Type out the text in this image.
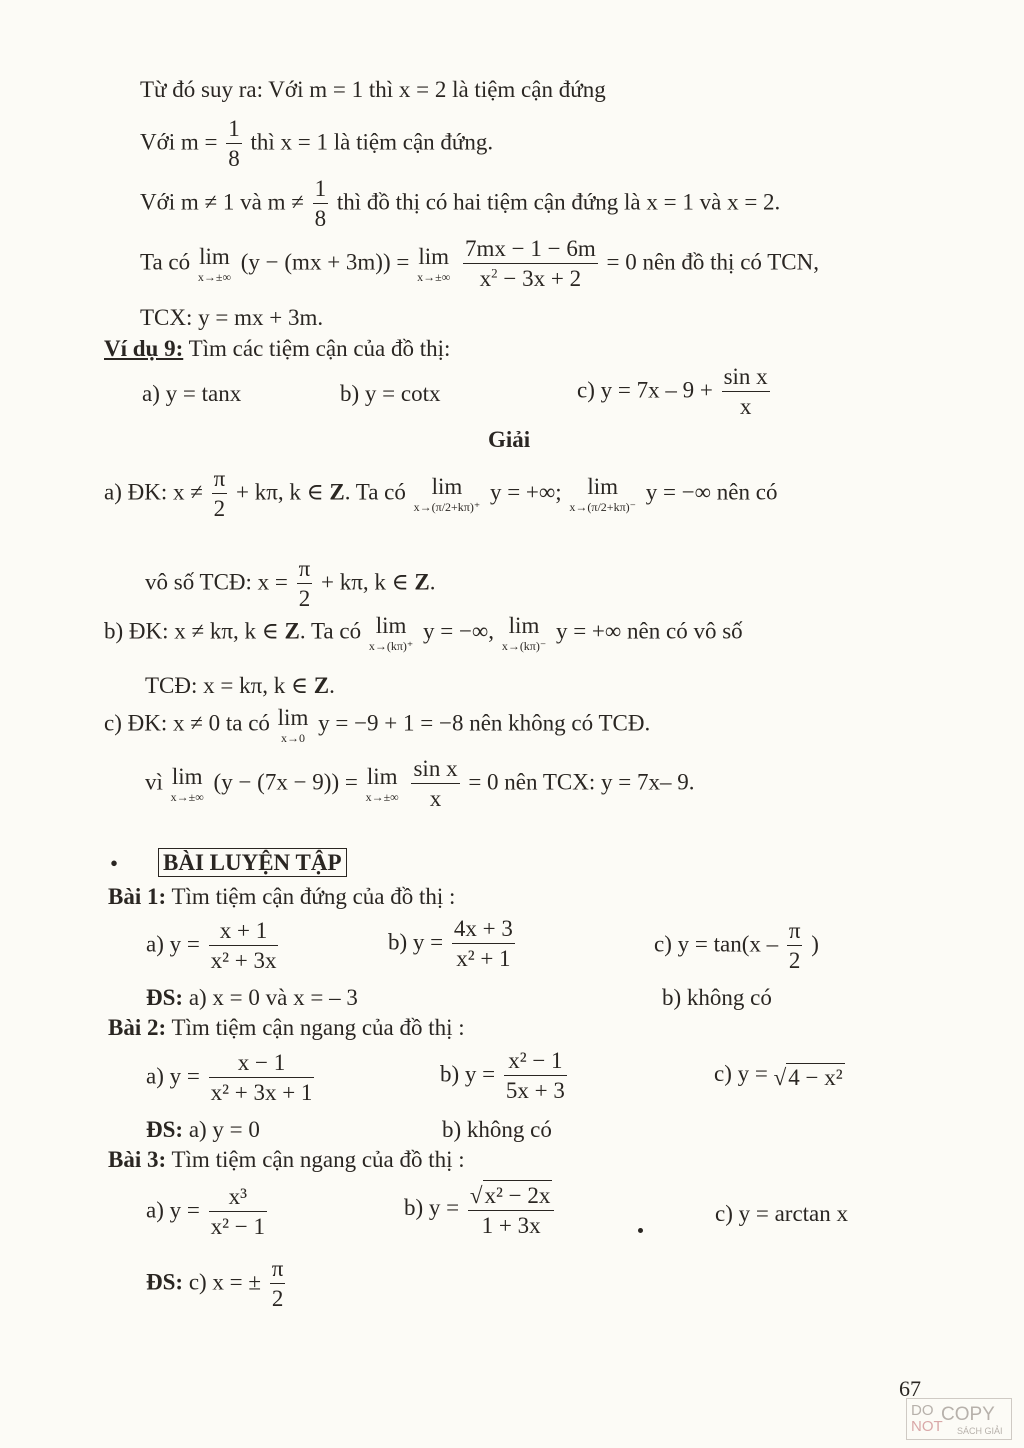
Từ đó suy ra: Với m = 1 thì x = 2 là tiệm cận đứng
Với $m = \frac{1}{8}$ thì x = 1 là tiệm cận đứng.
Với m ≠ 1 và $m \ne \frac{1}{8}$ thì đồ thị có hai tiệm cận đứng là x = 1 và x = 2.
Ta có lim
x→±∞
(y − (mx + 3m)) = lim
x→±∞
$\frac{7mx - 1 - 6m}{x^2 - 3x + 2} = 0$ nên đồ thị có TCN,
TCX: y = mx + 3m.
Ví dụ 9: Tìm các tiệm cận của đồ thị:
a) y = tanx	b) y = cotx	c) $y = 7x - 9 + \frac{\text{sin x}}{x}$
Giải
a) ĐK: $x \ne \frac{\pi}{2} + k\pi$, k ∈ Z. Ta có	lim
x→(π/2+kπ)⁺
y = +∞;	lim
x→(π/2+kπ)⁻
y = −∞ nên có
vô số TCĐ: $x = \frac{\pi}{2} + k\pi$, k ∈ Z.
b) ĐK: x ≠ kπ, k ∈ Z. Ta có lim
x→(kπ)⁺
y = −∞, lim
x→(kπ)⁻
y = +∞ nên có vô số
TCĐ: x = kπ, k ∈ Z.
c) ĐK: x ≠ 0 ta có lim
x→0
y = −9 + 1 = −8 nên không có TCĐ.
vì lim
x→±∞
(y − (7x − 9)) = lim
x→±∞
$\frac{\text{sin x}}{x} = 0$ nên TCX: y = 7x– 9.
• BÀI LUYỆN TẬP
Bài 1: Tìm tiệm cận đứng của đồ thị :
a) $y = \frac{x + 1}{\text{x² + 3x}}$	b) $y = \frac{4x + 3}{\text{x² + 1}}$	c) $y = \tan(x - \frac{\pi}{2}$ )
ĐS: a) x = 0 và x = – 3	b) không có
Bài 2: Tìm tiệm cận ngang của đồ thị :
a) $y = \frac{x - 1}{\text{x² + 3x + 1}}$	b) $y = \frac{\text{x² − 1}}{5x + 3}$	c) y = √4 − x²
ĐS: a) y = 0	b) không có
Bài 3: Tìm tiệm cận ngang của đồ thị :
a) $y = \frac{\text{x³}}{\text{x² − 1}}$	b) $y = \frac{\text{√x² − 2x}}{1 + 3x}$	c) y = arctan x
ĐS: c) x = ± $\frac{\pi}{2}$
67
DO
NOT
COPY
SÁCH GIẢI
